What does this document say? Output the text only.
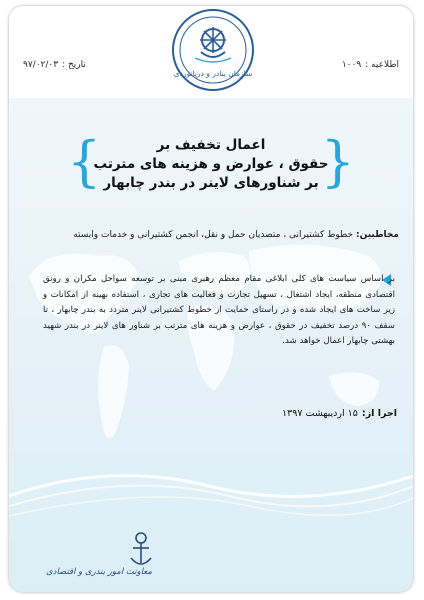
سازمان بنادر و دریانوردی
اطلاعیه :۱۰۰۹
تاریخ :۹۷/۰۲/۰۳
{	}
اعمال تخفیف بر
حقوق ، عوارض و هزینه های مترتب
بر شناورهای لاینر در بندر چابهار
مخاطبین:خطوط کشتیرانی ، متصدیان حمل و نقل، انجمن کشتیرانی و خدمات وابسته
بر اساس سیاست های کلی ابلاغی مقام معظم رهبری مبنی بر توسعه سواحل مکران و رونق اقتصادی منطقه، ایجاد اشتغال ، تسهیل تجارت و فعالیت های تجاری ، استفاده بهینه از امکانات و زیر ساخت های ایجاد شده و در راستای حمایت از خطوط کشتیرانی لاینر متردد به بندر چابهار ، تا سقف ۹۰ درصد تخفیف در حقوق ، عوارض و هزینه های مترتب بر شناور های لاینر در بندر شهید بهشتی چابهار اعمال خواهد شد.
اجرا از:۱۵ اردیبهشت ۱۳۹۷
معاونت امور بندری و اقتصادی
